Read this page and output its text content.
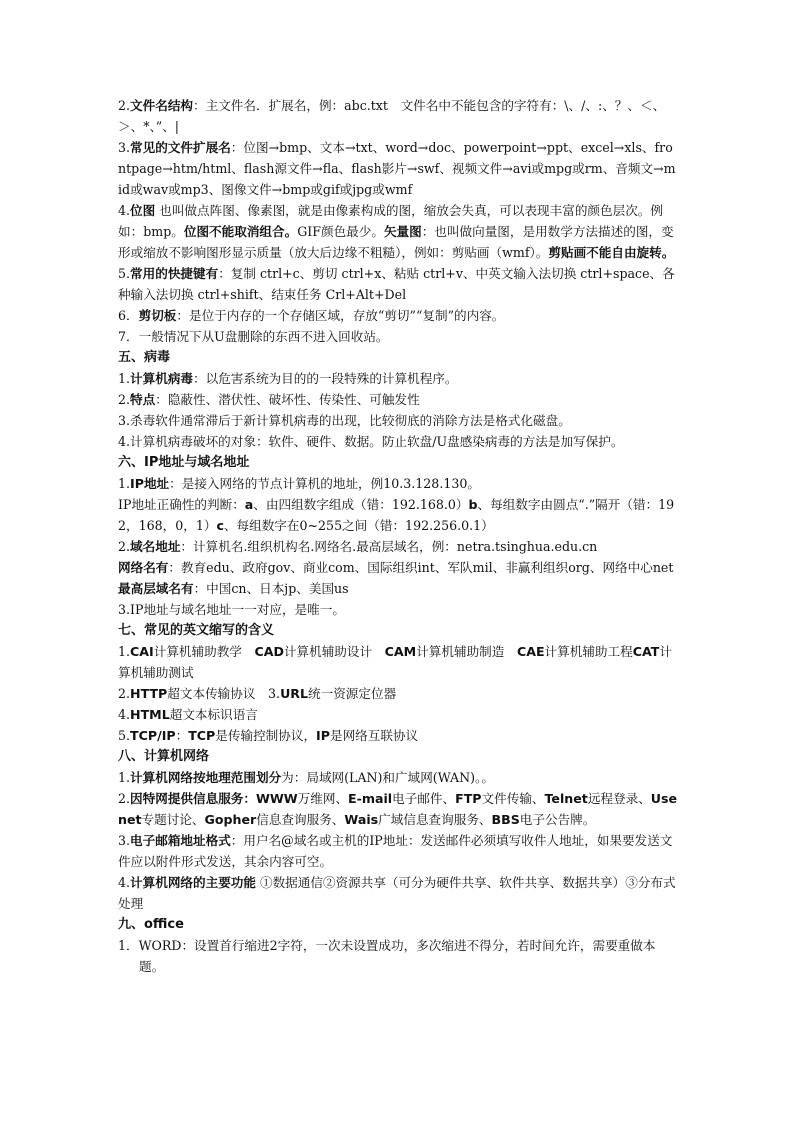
2.文件名结构：主文件名．扩展名，例：abc.txt　文件名中不能包含的字符有：\、/、:、？、＜、＞、*、”、|

3.常见的文件扩展名：位图→bmp、文本→txt、word→doc、powerpoint→ppt、excel→xls、frontpage→htm/html、flash源文件→fla、flash影片→swf、视频文件→avi或mpg或rm、音频文→mid或wav或mp3、图像文件→bmp或gif或jpg或wmf

4.位图 也叫做点阵图、像素图，就是由像素构成的图，缩放会失真，可以表现丰富的颜色层次。例如：bmp。位图不能取消组合。GIF颜色最少。矢量图：也叫做向量图，是用数学方法描述的图，变形或缩放不影响图形显示质量（放大后边缘不粗糙），例如：剪贴画（wmf）。剪贴画不能自由旋转。

5.常用的快捷键有：复制 ctrl+c、剪切 ctrl+x、粘贴 ctrl+v、中英文输入法切换 ctrl+space、各种输入法切换 ctrl+shift、结束任务 Crl+Alt+Del

6．剪切板：是位于内存的一个存储区域，存放“剪切”“复制”的内容。

7．一般情况下从U盘删除的东西不进入回收站。

五、病毒

1.计算机病毒：以危害系统为目的的一段特殊的计算机程序。

2.特点：隐蔽性、潜伏性、破坏性、传染性、可触发性

3.杀毒软件通常滞后于新计算机病毒的出现，比较彻底的消除方法是格式化磁盘。

4.计算机病毒破坏的对象：软件、硬件、数据。防止软盘/U盘感染病毒的方法是加写保护。

六、IP地址与域名地址

1.IP地址：是接入网络的节点计算机的地址，例10.3.128.130。

IP地址正确性的判断：a、由四组数字组成（错：192.168.0）b、每组数字由圆点“.”隔开（错：192，168，0，1）c、每组数字在0~255之间（错：192.256.0.1）

2.域名地址：计算机名.组织机构名.网络名.最高层域名，例：netra.tsinghua.edu.cn

网络名有：教育edu、政府gov、商业com、国际组织int、军队mil、非赢利组织org、网络中心net

最高层域名有：中国cn、日本jp、美国us

3.IP地址与域名地址一一对应，是唯一。

七、常见的英文缩写的含义

1.CAI计算机辅助教学　CAD计算机辅助设计　CAM计算机辅助制造　CAE计算机辅助工程CAT计算机辅助测试

2.HTTP超文本传输协议　3.URL统一资源定位器

4.HTML超文本标识语言

5.TCP/IP：TCP是传输控制协议，IP是网络互联协议

八、计算机网络

1.计算机网络按地理范围划分为：局域网(LAN)和广域网(WAN)。。

2.因特网提供信息服务：WWW万维网、E-mail电子邮件、FTP文件传输、Telnet远程登录、Usenet专题讨论、Gopher信息查询服务、Wais广域信息查询服务、BBS电子公告牌。

3.电子邮箱地址格式：用户名@域名或主机的IP地址：发送邮件必须填写收件人地址，如果要发送文件应以附件形式发送，其余内容可空。

4.计算机网络的主要功能 ①数据通信②资源共享（可分为硬件共享、软件共享、数据共享）③分布式处理

九、office

1．WORD：设置首行缩进2字符，一次未设置成功，多次缩进不得分，若时间允许，需要重做本题。
